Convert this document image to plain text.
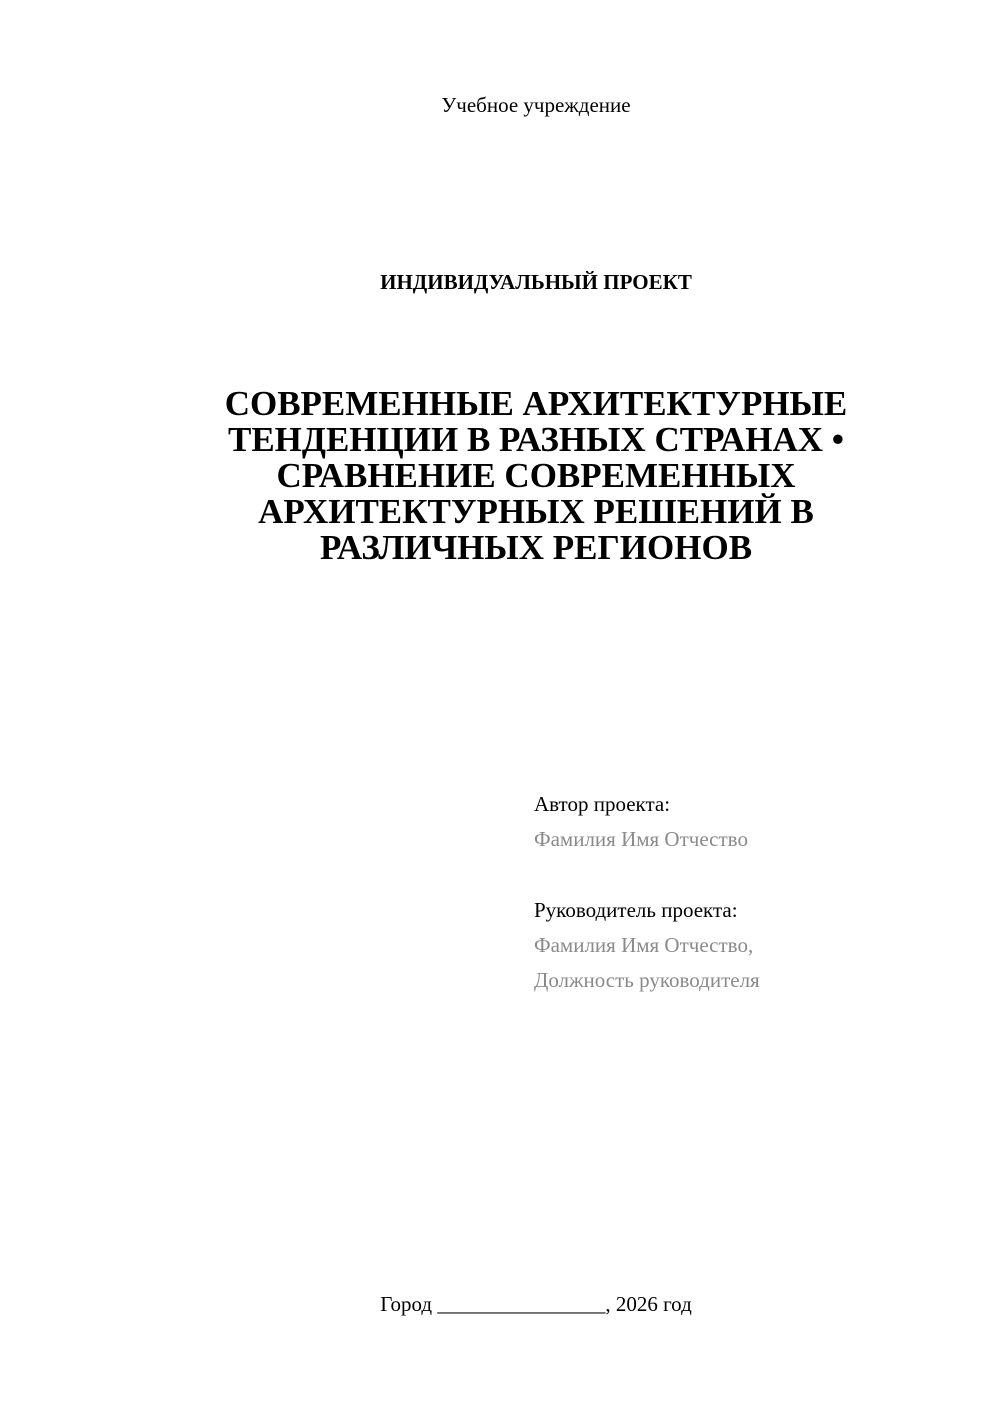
Учебное учреждение
ИНДИВИДУАЛЬНЫЙ ПРОЕКТ
СОВРЕМЕННЫЕ АРХИТЕКТУРНЫЕ
ТЕНДЕНЦИИ В РАЗНЫХ СТРАНАХ •
СРАВНЕНИЕ СОВРЕМЕННЫХ
АРХИТЕКТУРНЫХ РЕШЕНИЙ В
РАЗЛИЧНЫХ РЕГИОНОВ
Автор проекта:
Фамилия Имя Отчество
Руководитель проекта:
Фамилия Имя Отчество,
Должность руководителя
Город ________________, 2026 год
